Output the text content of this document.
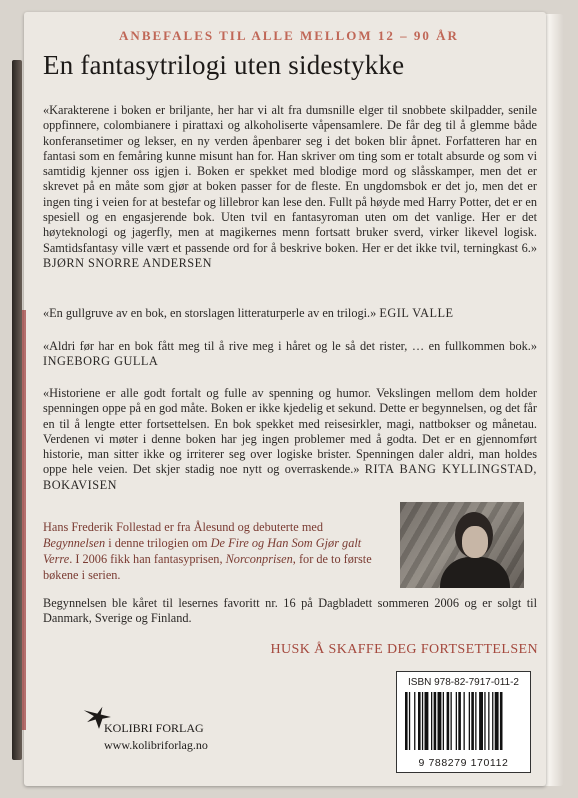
ANBEFALES TIL ALLE MELLOM 12 – 90 ÅR
En fantasytrilogi uten sidestykke
«Karakterene i boken er briljante, her har vi alt fra dumsnille elger til snobbete skilpadder, senile oppfinnere, colombianere i pirattaxi og alkoholiserte våpensamlere. De får deg til å glemme både konferansetimer og lekser, en ny verden åpenbarer seg i det boken blir åpnet. Forfatteren har en fantasi som en femåring kunne misunt han for. Han skriver om ting som er totalt absurde og som vi samtidig kjenner oss igjen i. Boken er spekket med blodige mord og slåsskamper, men det er skrevet på en måte som gjør at boken passer for de fleste. En ungdomsbok er det jo, men det er ingen ting i veien for at bestefar og lillebror kan lese den. Fullt på høyde med Harry Potter, det er en spesiell og en engasjerende bok. Uten tvil en fantasyroman uten om det vanlige. Her er det høyteknologi og jagerfly, men at magikernes menn fortsatt bruker sverd, virker likevel logisk. Samtidsfantasy ville vært et passende ord for å beskrive boken. Her er det ikke tvil, terningkast 6.» BJØRN SNORRE ANDERSEN
«En gullgruve av en bok, en storslagen litteraturperle av en trilogi.» EGIL VALLE
«Aldri før har en bok fått meg til å rive meg i håret og le så det rister, … en fullkommen bok.» INGEBORG GULLA
«Historiene er alle godt fortalt og fulle av spenning og humor. Vekslingen mellom dem holder spenningen oppe på en god måte. Boken er ikke kjedelig et sekund. Dette er begynnelsen, og det får en til å lengte etter fortsettelsen. En bok spekket med reisesirkler, magi, nattbokser og månetau. Verdenen vi møter i denne boken har jeg ingen problemer med å godta. Det er en gjennomført historie, man sitter ikke og irriterer seg over logiske brister. Spenningen daler aldri, man holdes oppe hele veien. Det skjer stadig noe nytt og overraskende.» RITA BANG KYLLINGSTAD, BOKAVISEN
Hans Frederik Follestad er fra Ålesund og debuterte med Begynnelsen i denne trilogien om De Fire og Han Som Gjør galt Verre. I 2006 fikk han fantasyprisen, Norconprisen, for de to første bøkene i serien.
Begynnelsen ble kåret til lesernes favoritt nr. 16 på Dagbladett sommeren 2006 og er solgt til Danmark, Sverige og Finland.
HUSK Å SKAFFE DEG FORTSETTELSEN
KOLIBRI FORLAG
www.kolibriforlag.no
ISBN 978-82-7917-011-2
9 788279 170112
